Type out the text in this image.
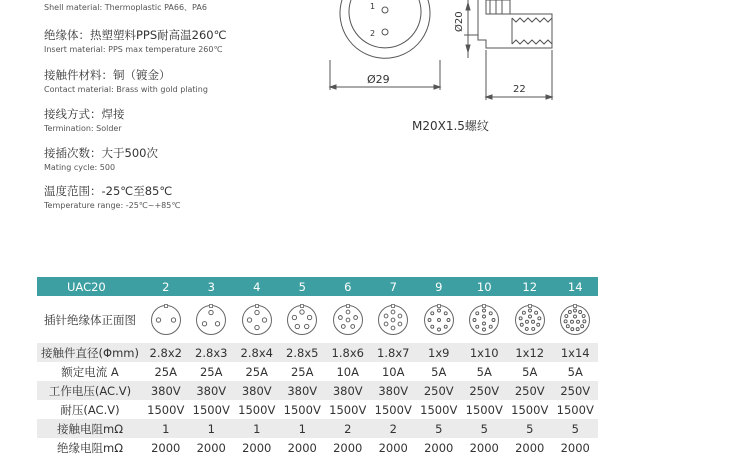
Shell material: Thermoplastic PA66、PA6
绝缘体：热塑塑料PPS耐高温260℃
Insert material: PPS max temperature 260℃
接触件材料：铜（镀金）
Contact material: Brass with gold plating
接线方式：焊接
Termination: Solder
接插次数：大于500次
Mating cycle: 500
温度范围：-25℃至85℃
Temperature range: -25℃~+85℃
1
2
Ø29
Ø20
22
M20X1.5螺纹
UAC20	2	3	4	5	6	7	9	10	12	14
插针绝缘体正面图										
接触件直径(Φmm)	2.8x2	2.8x3	2.8x4	2.8x5	1.8x6	1.8x7	1x9	1x10	1x12	1x14
额定电流 A	25A	25A	25A	25A	10A	10A	5A	5A	5A	5A
工作电压(AC.V)	380V	380V	380V	380V	380V	380V	250V	250V	250V	250V
耐压(AC.V)	1500V	1500V	1500V	1500V	1500V	1500V	1500V	1500V	1500V	1500V
接触电阻mΩ	1	1	1	1	2	2	5	5	5	5
绝缘电阻mΩ	2000	2000	2000	2000	2000	2000	2000	2000	2000	2000
